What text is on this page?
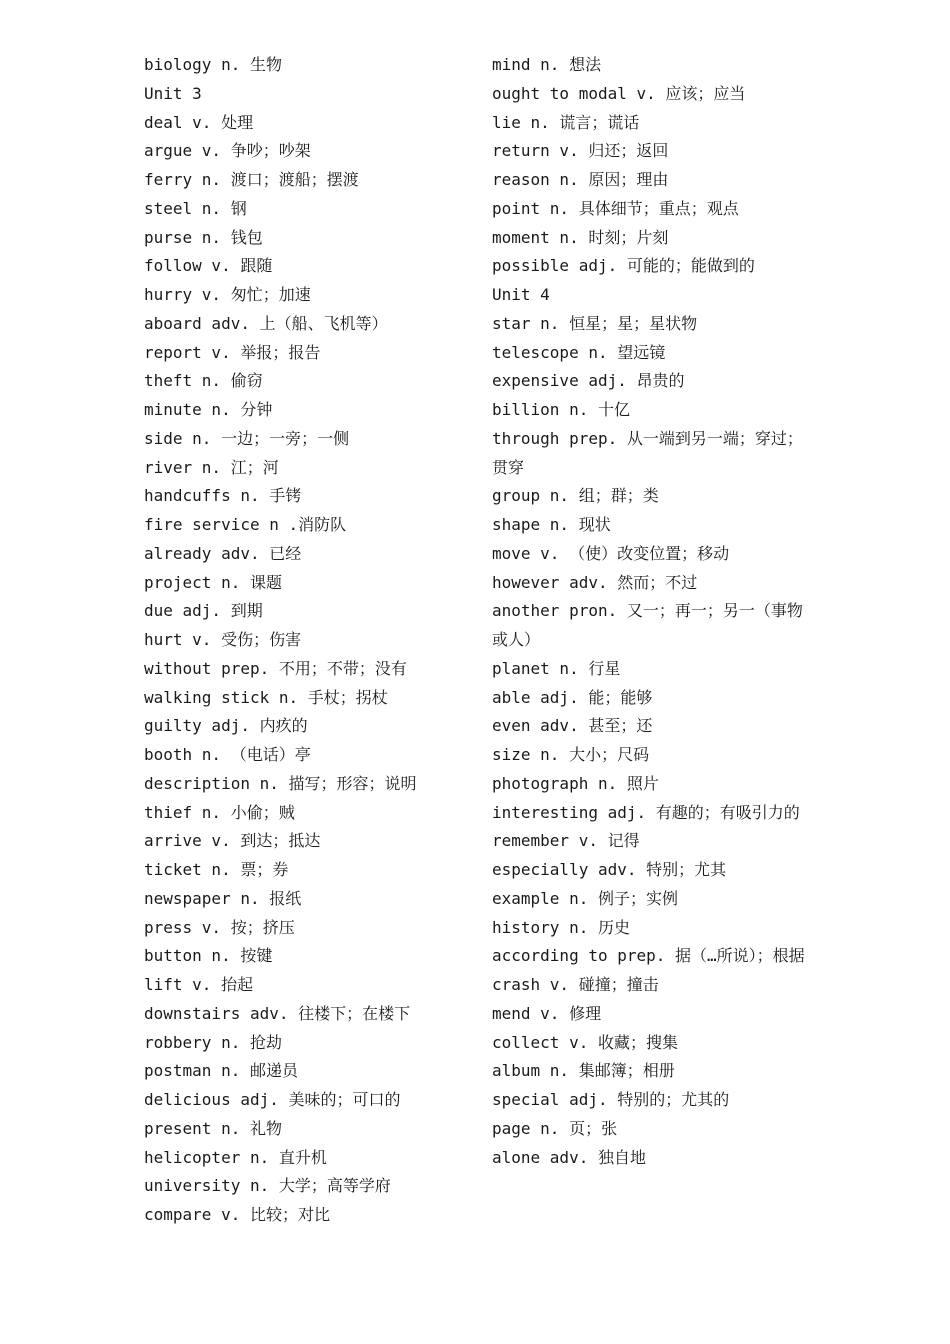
biology n. 生物

Unit 3

deal v. 处理

argue v. 争吵；吵架

ferry n. 渡口；渡船；摆渡

steel n. 钢

purse n. 钱包

follow v. 跟随

hurry v. 匆忙；加速

aboard adv. 上（船、飞机等）

report v. 举报；报告

theft n. 偷窃

minute n. 分钟

side n. 一边；一旁；一侧

river n. 江；河

handcuffs n. 手铐

fire service n .消防队

already adv. 已经

project n. 课题

due adj. 到期

hurt v. 受伤；伤害

without prep. 不用；不带；没有

walking stick n. 手杖；拐杖

guilty adj. 内疚的

booth n. （电话）亭

description n. 描写；形容；说明

thief n. 小偷；贼

arrive v. 到达；抵达

ticket n. 票；券

newspaper n. 报纸

press v. 按；挤压

button n. 按键

lift v. 抬起

downstairs adv. 往楼下；在楼下

robbery n. 抢劫

postman n. 邮递员

delicious adj. 美味的；可口的

present n. 礼物

helicopter n. 直升机

university n. 大学；高等学府

compare v. 比较；对比

mind n. 想法

ought to modal v. 应该；应当

lie n. 谎言；谎话

return v. 归还；返回

reason n. 原因；理由

point n. 具体细节；重点；观点

moment n. 时刻；片刻

possible adj. 可能的；能做到的

Unit 4

star n. 恒星；星；星状物

telescope n. 望远镜

expensive adj. 昂贵的

billion n. 十亿

through prep. 从一端到另一端；穿过；贯穿

group n. 组；群；类

shape n. 现状

move v. （使）改变位置；移动

however adv. 然而；不过

another pron. 又一；再一；另一（事物或人）

planet n. 行星

able adj. 能；能够

even adv. 甚至；还

size n. 大小；尺码

photograph n. 照片

interesting adj. 有趣的；有吸引力的

remember v. 记得

especially adv. 特别；尤其

example n. 例子；实例

history n. 历史

according to prep. 据（…所说）；根据

crash v. 碰撞；撞击

mend v. 修理

collect v. 收藏；搜集

album n. 集邮簿；相册

special adj. 特别的；尤其的

page n. 页；张

alone adv. 独自地
